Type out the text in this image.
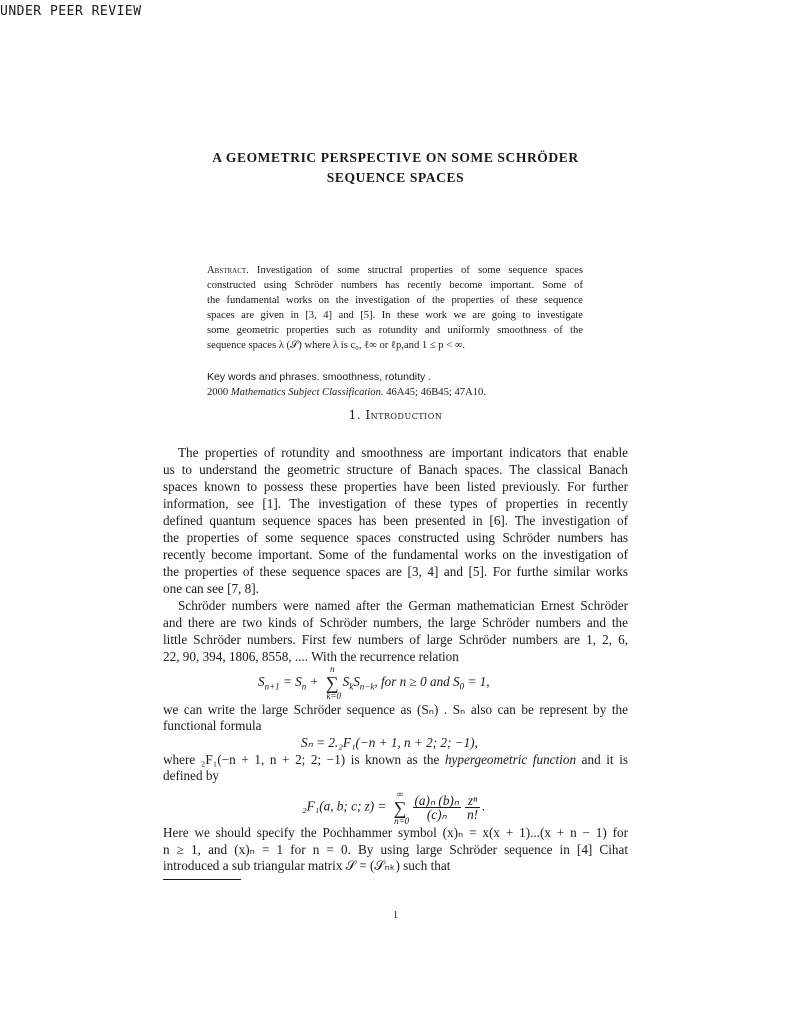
UNDER PEER REVIEW
A GEOMETRIC PERSPECTIVE ON SOME SCHRÖDER
SEQUENCE SPACES
Abstract. Investigation of some structral properties of some sequence spaces
constructed using Schröder numbers has recently become important. Some of
the fundamental works on the investigation of the properties of these sequence
spaces are given in [3, 4] and [5]. In these work we are going to investigate
some geometric properties such as rotundity and uniformly smoothness of the
sequence spaces λ (𝒮) where λ is c₀, ℓ∞ or ℓp,and 1 ≤ p < ∞.
Key words and phrases. smoothness, rotundity .
2000 Mathematics Subject Classification. 46A45; 46B45; 47A10.
1. Introduction
The properties of rotundity and smoothness are important indicators that enable
us to understand the geometric structure of Banach spaces. The classical Banach
spaces known to possess these properties have been listed previously. For further
information, see [1]. The investigation of these types of properties in recently
defined quantum sequence spaces has been presented in [6]. The investigation of
the properties of some sequence spaces constructed using Schröder numbers has
recently become important. Some of the fundamental works on the investigation of
the properties of these sequence spaces are [3, 4] and [5]. For furthe similar works
one can see [7, 8].
Schröder numbers were named after the German mathematician Ernest Schröder
and there are two kinds of Schröder numbers, the large Schröder numbers and the
little Schröder numbers. First few numbers of large Schröder numbers are 1, 2, 6,
22, 90, 394, 1806, 8558, .... With the recurrence relation
$S_{n+1} = S_n$ + ∑
n
k=0
$S_kS_{n-k}$, for n ≥ 0 and $S_0 = 1$,
we can write the large Schröder sequence as (Sₙ) . Sₙ also can be represent by the
functional formula
Sₙ = 2.₂F₁(−n + 1, n + 2; 2; −1),
where ₂F₁(−n + 1, n + 2; 2; −1) is known as the hypergeometric function and it is
defined by
₂F₁(a, b; c; z) = ∑
∞
$n=0 \frac{\text{(a)ₙ (b)ₙ}}{\text{(c)ₙ}} \frac{\text{zⁿ}}{n!}$ .
Here we should specify the Pochhammer symbol (x)ₙ = x(x + 1)...(x + n − 1) for
n ≥ 1, and (x)ₙ = 1 for n = 0. By using large Schröder sequence in [4] Cihat
introduced a sub triangular matrix 𝒮 = (𝒮ₙₖ) such that
1
